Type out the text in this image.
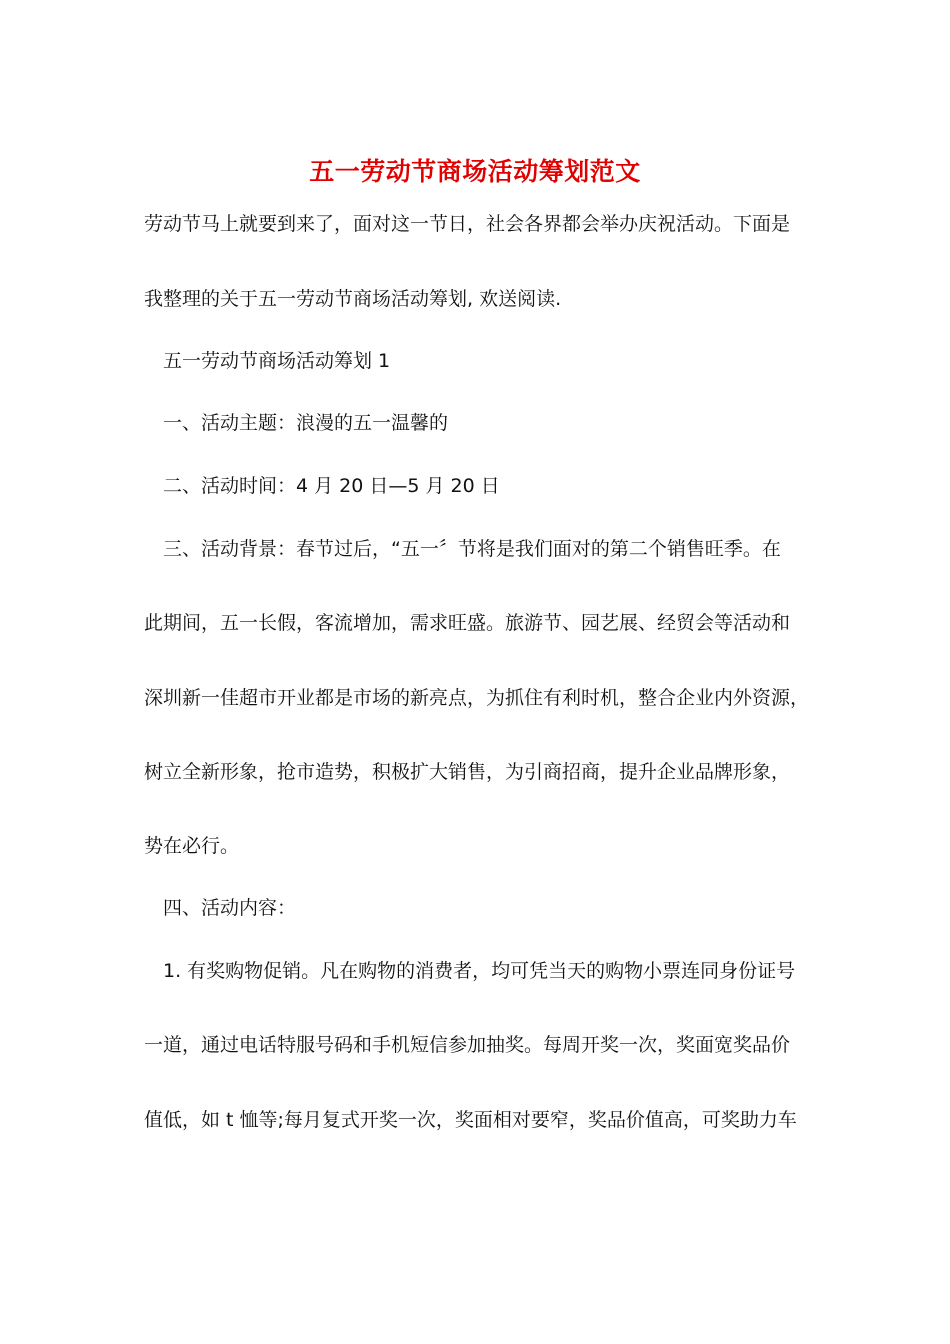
五一劳动节商场活动筹划范文
劳动节马上就要到来了，面对这一节日，社会各界都会举办庆祝活动。下面是
我整理的关于五一劳动节商场活动筹划, 欢送阅读.
五一劳动节商场活动筹划 1
一、活动主题：浪漫的五一温馨的
二、活动时间：4 月 20 日—5 月 20 日
三、活动背景：春节过后，“五一〞节将是我们面对的第二个销售旺季。在
此期间，五一长假，客流增加，需求旺盛。旅游节、园艺展、经贸会等活动和
深圳新一佳超市开业都是市场的新亮点，为抓住有利时机，整合企业内外资源，
树立全新形象，抢市造势，积极扩大销售，为引商招商，提升企业品牌形象，
势在必行。
四、活动内容：
1. 有奖购物促销。凡在购物的消费者，均可凭当天的购物小票连同身份证号
一道，通过电话特服号码和手机短信参加抽奖。每周开奖一次，奖面宽奖品价
值低，如 t 恤等;每月复式开奖一次，奖面相对要窄，奖品价值高，可奖助力车
